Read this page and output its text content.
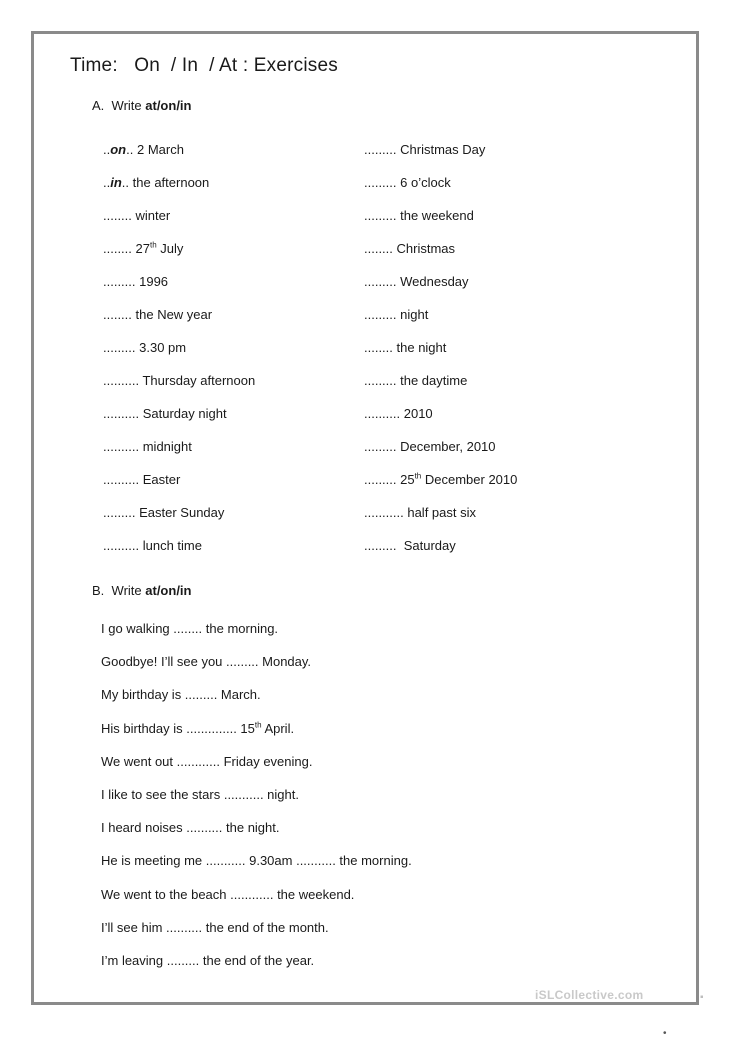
Time:   On  / In  / At : Exercises
A. Write at/on/in
..on.. 2 March
..in.. the afternoon
........ winter
........ 27th July
......... 1996
........ the New year
......... 3.30 pm
.......... Thursday afternoon
.......... Saturday night
.......... midnight
.......... Easter
......... Easter Sunday
.......... lunch time
......... Christmas Day
......... 6 o’clock
......... the weekend
........ Christmas
......... Wednesday
......... night
........ the night
......... the daytime
.......... 2010
......... December, 2010
......... 25th December 2010
........... half past six
.........  Saturday
B. Write at/on/in
I go walking ........ the morning.
Goodbye! I’ll see you ......... Monday.
My birthday is ......... March.
His birthday is .............. 15th April.
We went out ............ Friday evening.
I like to see the stars ........... night.
I heard noises .......... the night.
He is meeting me ........... 9.30am ........... the morning.
We went to the beach ............ the weekend.
I’ll see him .......... the end of the month.
I’m leaving ......... the end of the year.
iSLCollective.com	▪
•
